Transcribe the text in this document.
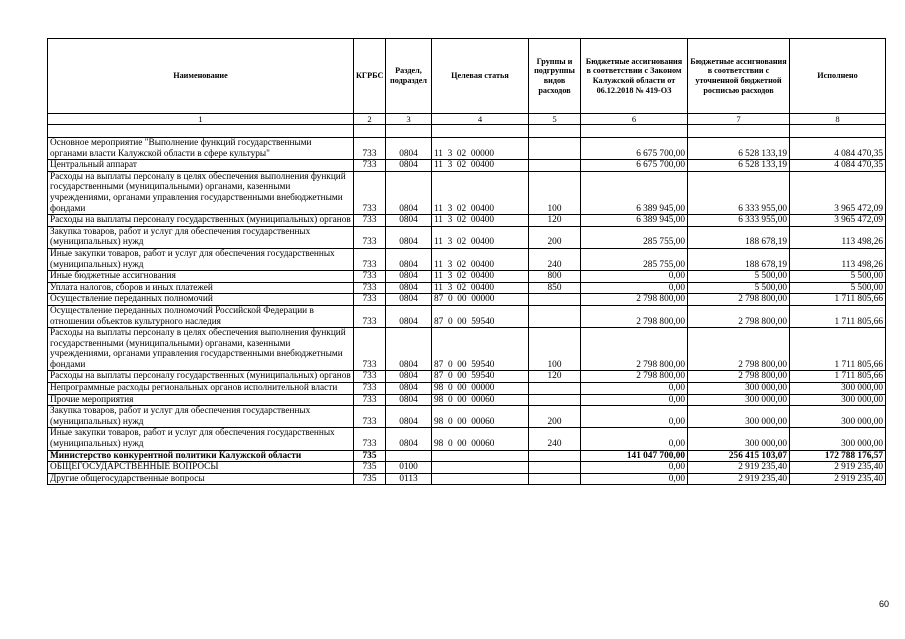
Наименование	КГРБС	Раздел, подраздел	Целевая статья	Группы и подгруппы видов расходов	Бюджетные ассигнования в соответствии с Законом Калужской области от 06.12.2018 № 419-ОЗ	Бюджетные ассигнования в соответствии с уточненной бюджетной росписью расходов	Исполнено
1	2	3	4	5	6	7	8

Основное мероприятие "Выполнение функций государственными органами власти Калужской области в сфере культуры"	733	0804	11  3  02  00000		6 675 700,00	6 528 133,19	4 084 470,35
Центральный аппарат	733	0804	11  3  02  00400		6 675 700,00	6 528 133,19	4 084 470,35
Расходы на выплаты персоналу в целях обеспечения выполнения функций государственными (муниципальными) органами, казенными учреждениями, органами управления государственными внебюджетными фондами	733	0804	11  3  02  00400	100	6 389 945,00	6 333 955,00	3 965 472,09
Расходы на выплаты персоналу государственных (муниципальных) органов	733	0804	11  3  02  00400	120	6 389 945,00	6 333 955,00	3 965 472,09
Закупка товаров, работ и услуг для обеспечения государственных (муниципальных) нужд	733	0804	11  3  02  00400	200	285 755,00	188 678,19	113 498,26
Иные закупки товаров, работ и услуг для обеспечения государственных (муниципальных) нужд	733	0804	11  3  02  00400	240	285 755,00	188 678,19	113 498,26
Иные бюджетные ассигнования	733	0804	11  3  02  00400	800	0,00	5 500,00	5 500,00
Уплата налогов, сборов и иных платежей	733	0804	11  3  02  00400	850	0,00	5 500,00	5 500,00
Осуществление переданных полномочий	733	0804	87  0  00  00000		2 798 800,00	2 798 800,00	1 711 805,66
Осуществление переданных полномочий Российской Федерации в отношении объектов культурного наследия	733	0804	87  0  00  59540		2 798 800,00	2 798 800,00	1 711 805,66
Расходы на выплаты персоналу в целях обеспечения выполнения функций государственными (муниципальными) органами, казенными учреждениями, органами управления государственными внебюджетными фондами	733	0804	87  0  00  59540	100	2 798 800,00	2 798 800,00	1 711 805,66
Расходы на выплаты персоналу государственных (муниципальных) органов	733	0804	87  0  00  59540	120	2 798 800,00	2 798 800,00	1 711 805,66
Непрограммные расходы региональных органов исполнительной власти	733	0804	98  0  00  00000		0,00	300 000,00	300 000,00
Прочие мероприятия	733	0804	98  0  00  00060		0,00	300 000,00	300 000,00
Закупка товаров, работ и услуг для обеспечения государственных (муниципальных) нужд	733	0804	98  0  00  00060	200	0,00	300 000,00	300 000,00
Иные закупки товаров, работ и услуг для обеспечения государственных (муниципальных) нужд	733	0804	98  0  00  00060	240	0,00	300 000,00	300 000,00
Министерство конкурентной политики Калужской области	735				141 047 700,00	256 415 103,07	172 788 176,57
ОБЩЕГОСУДАРСТВЕННЫЕ ВОПРОСЫ	735	0100			0,00	2 919 235,40	2 919 235,40
Другие общегосударственные вопросы	735	0113			0,00	2 919 235,40	2 919 235,40
60
